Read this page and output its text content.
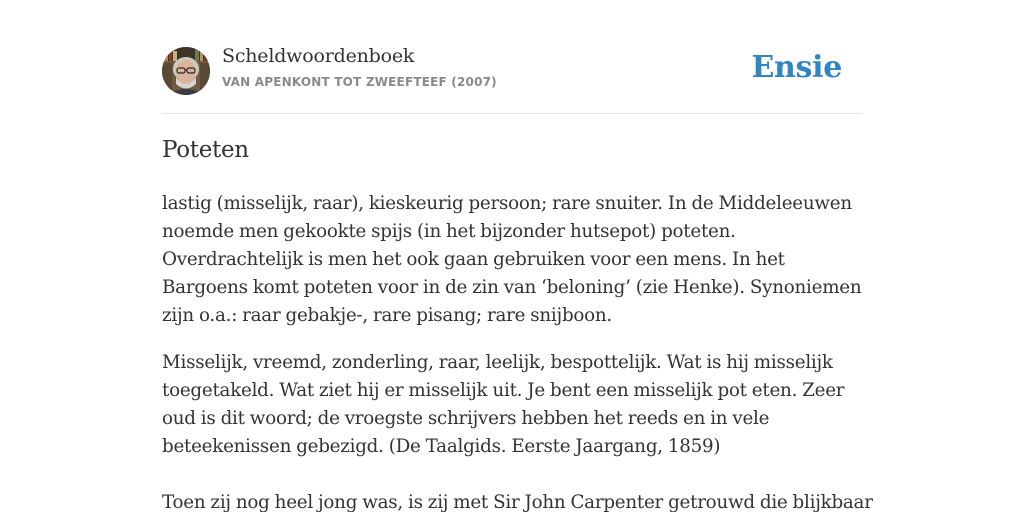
Scheldwoordenboek
VAN APENKONT TOT ZWEEFTEEF (2007)	Ensie
Poteten

lastig (misselijk, raar), kieskeurig persoon; rare snuiter. In de Middeleeuwen noemde men gekookte spijs (in het bijzonder hutsepot) poteten. Overdrachtelijk is men het ook gaan gebruiken voor een mens. In het Bargoens komt poteten voor in de zin van ‘beloning’ (zie Henke). Synoniemen zijn o.a.: raar gebakje-, rare pisang; rare snijboon.

Misselijk, vreemd, zonderling, raar, leelijk, bespottelijk. Wat is hij misselijk toegetakeld. Wat ziet hij er misselijk uit. Je bent een misselijk pot eten. Zeer oud is dit woord; de vroegste schrijvers hebben het reeds en in vele beteekenissen gebezigd. (De Taalgids. Eerste Jaargang, 1859)

Toen zij nog heel jong was, is zij met Sir John Carpenter getrouwd die blijkbaar
